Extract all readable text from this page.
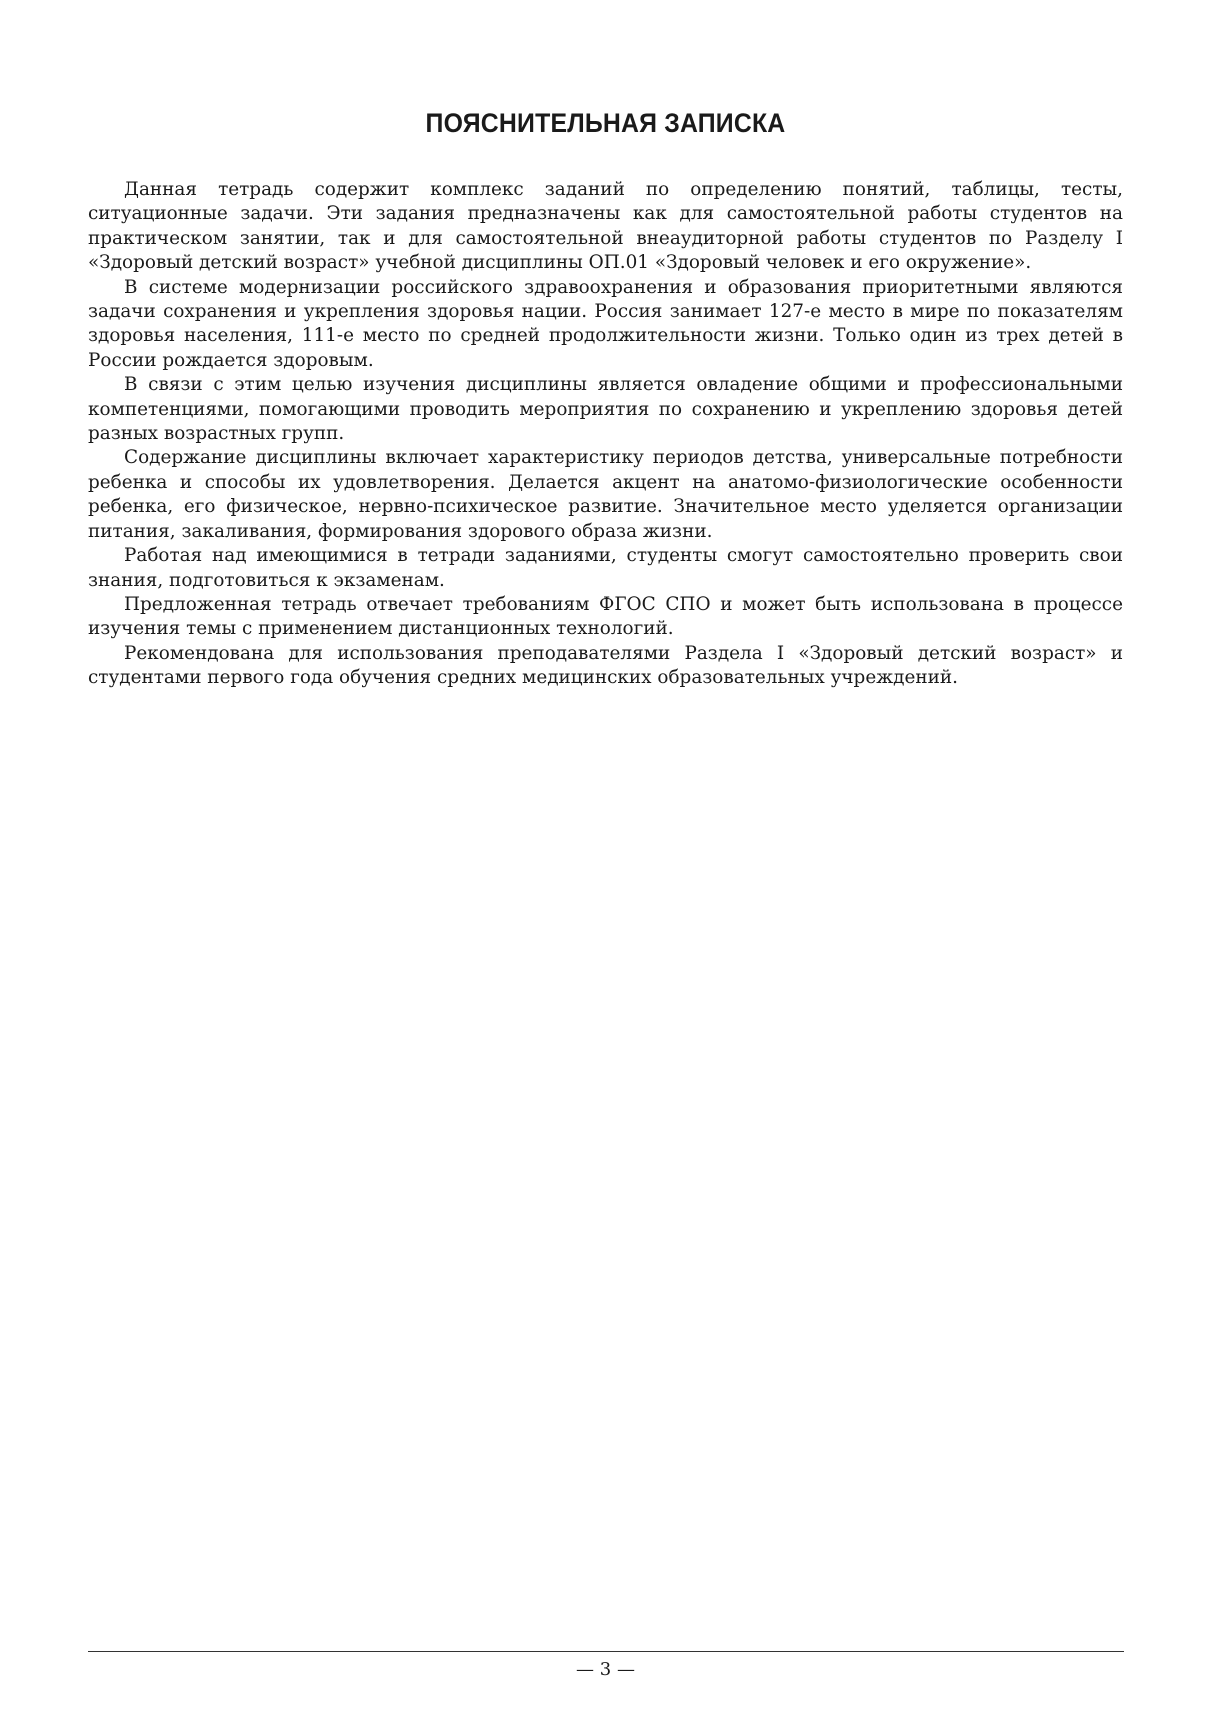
ПОЯСНИТЕЛЬНАЯ ЗАПИСКА

Данная тетрадь содержит комплекс заданий по определению понятий, таблицы, тесты, ситуационные задачи. Эти задания предназначены как для самостоятельной работы студентов на практическом занятии, так и для самостоятельной внеаудиторной работы студентов по Разделу I «Здоровый детский возраст» учебной дисциплины ОП.01 «Здоровый человек и его окружение».

В системе модернизации российского здравоохранения и образования приоритетными являются задачи сохранения и укрепления здоровья нации. Россия занимает 127-е место в мире по показателям здоровья населения, 111-е место по средней продолжительности жизни. Только один из трех детей в России рождается здоровым.

В связи с этим целью изучения дисциплины является овладение общими и профессиональными компетенциями, помогающими проводить мероприятия по сохранению и укреплению здоровья детей разных возрастных групп.

Содержание дисциплины включает характеристику периодов детства, универсальные потребности ребенка и способы их удовлетворения. Делается акцент на анатомо-физиологические особенности ребенка, его физическое, нервно-психическое развитие. Значительное место уделяется организации питания, закаливания, формирования здорового образа жизни.

Работая над имеющимися в тетради заданиями, студенты смогут самостоятельно проверить свои знания, подготовиться к экзаменам.

Предложенная тетрадь отвечает требованиям ФГОС СПО и может быть использована в процессе изучения темы с применением дистанционных технологий.

Рекомендована для использования преподавателями Раздела I «Здоровый детский возраст» и студентами первого года обучения средних медицинских образовательных учреждений.

— 3 —
